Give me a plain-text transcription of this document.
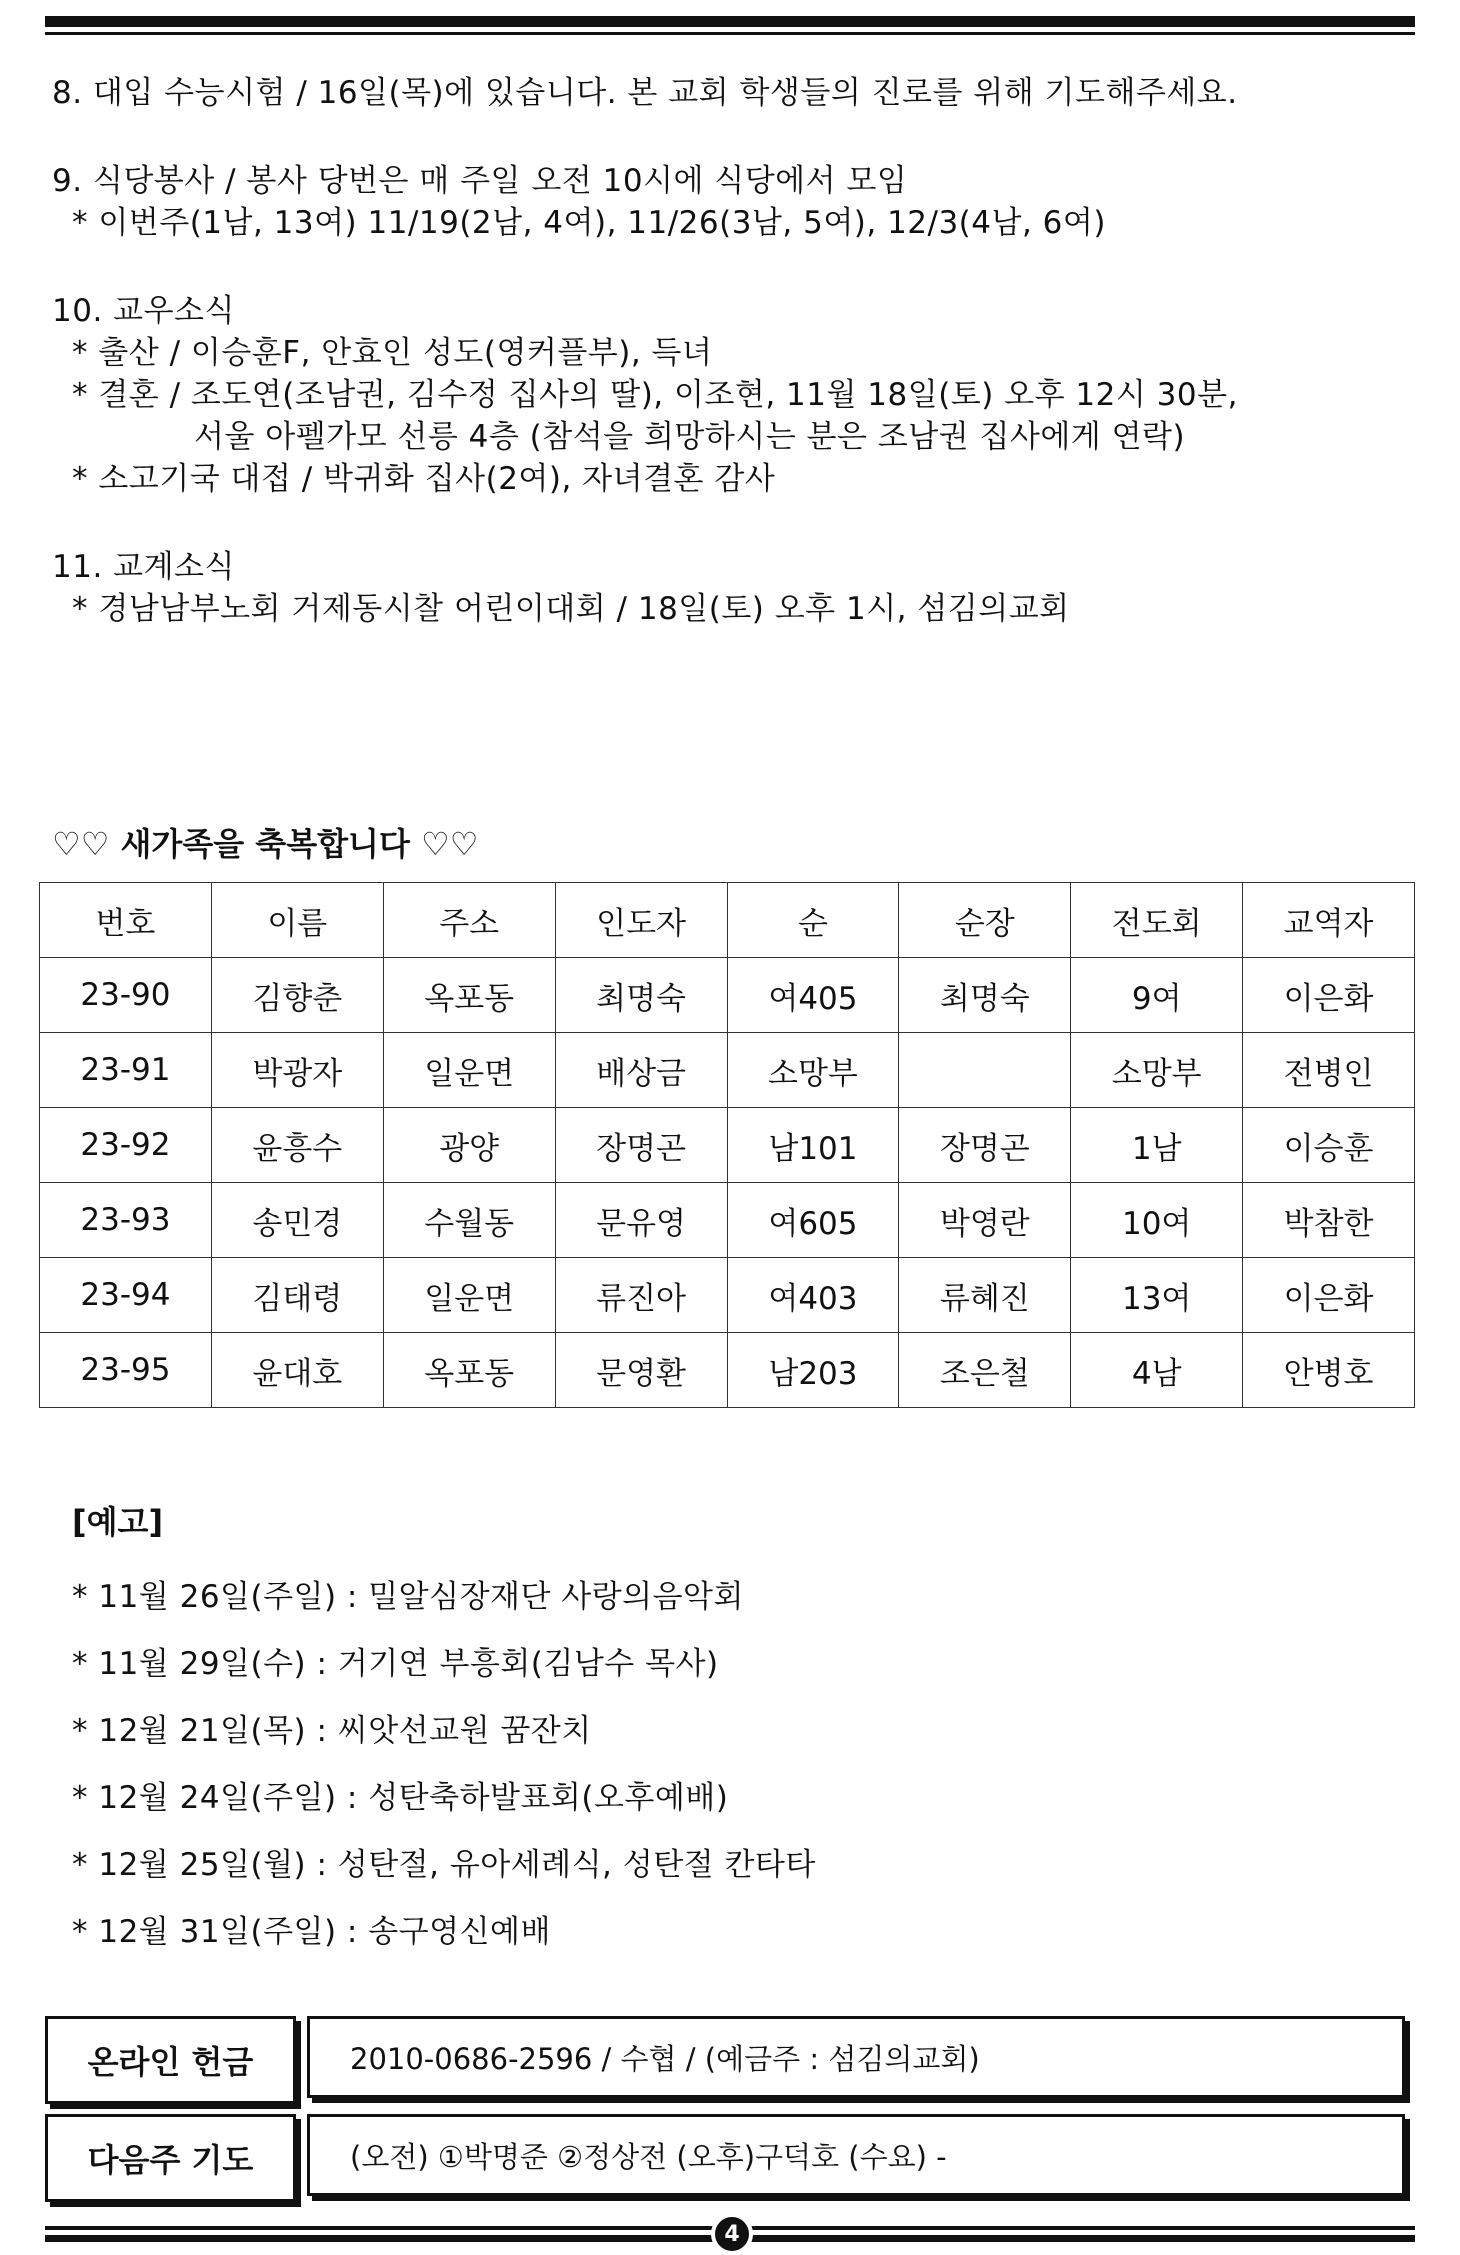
8. 대입 수능시험 / 16일(목)에 있습니다. 본 교회 학생들의 진로를 위해 기도해주세요.
9. 식당봉사 / 봉사 당번은 매 주일 오전 10시에 식당에서 모임
* 이번주(1남, 13여) 11/19(2남, 4여), 11/26(3남, 5여), 12/3(4남, 6여)
10. 교우소식
* 출산 / 이승훈F, 안효인 성도(영커플부), 득녀
* 결혼 / 조도연(조남권, 김수정 집사의 딸), 이조현, 11월 18일(토) 오후 12시 30분,
서울 아펠가모 선릉 4층 (참석을 희망하시는 분은 조남권 집사에게 연락)
* 소고기국 대접 / 박귀화 집사(2여), 자녀결혼 감사
11. 교계소식
* 경남남부노회 거제동시찰 어린이대회 / 18일(토) 오후 1시, 섬김의교회
♡♡ 새가족을 축복합니다 ♡♡
번호	이름	주소	인도자	순	순장	전도회	교역자
23-90	김향춘	옥포동	최명숙	여405	최명숙	9여	이은화
23-91	박광자	일운면	배상금	소망부		소망부	전병인
23-92	윤흥수	광양	장명곤	남101	장명곤	1남	이승훈
23-93	송민경	수월동	문유영	여605	박영란	10여	박참한
23-94	김태령	일운면	류진아	여403	류혜진	13여	이은화
23-95	윤대호	옥포동	문영환	남203	조은철	4남	안병호
[예고]
* 11월 26일(주일) : 밀알심장재단 사랑의음악회
* 11월 29일(수) : 거기연 부흥회(김남수 목사)
* 12월 21일(목) : 씨앗선교원 꿈잔치
* 12월 24일(주일) : 성탄축하발표회(오후예배)
* 12월 25일(월) : 성탄절, 유아세례식, 성탄절 칸타타
* 12월 31일(주일) : 송구영신예배
온라인 헌금	2010-0686-2596 / 수협 / (예금주 : 섬김의교회)
다음주 기도	(오전) ①박명준 ②정상전 (오후)구덕호 (수요) -
4
